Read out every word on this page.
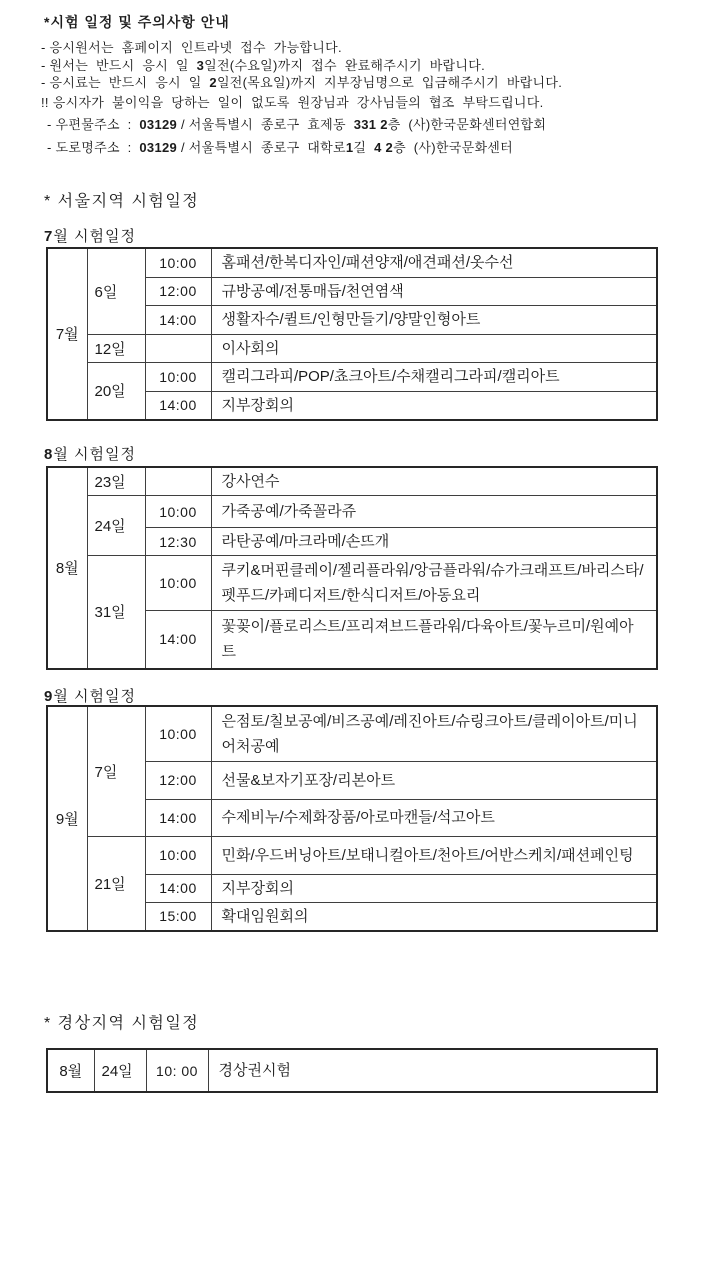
*시험 일정 및 주의사항 안내
- 응시원서는  홈페이지  인트라넷  접수  가능합니다.
- 원서는  반드시  응시  일  3일전(수요일)까지  접수  완료해주시기  바랍니다.
- 응시료는  반드시  응시  일  2일전(목요일)까지  지부장님명으로  입금해주시기  바랍니다.
!! 응시자가  불이익을  당하는  일이  없도록  원장님과  강사님들의  협조  부탁드립니다.
- 우편물주소  :  03129 / 서울특별시  종로구  효제동  331 2층  (사)한국문화센터연합회
- 도로명주소  :  03129 / 서울특별시  종로구  대학로1길  4 2층  (사)한국문화센터
* 서울지역 시험일정
7월 시험일정
7월	6일	10:00	홈패션/한복디자인/패션양재/애견패션/옷수선
		12:00	규방공예/전통매듭/천연염색
		14:00	생활자수/퀼트/인형만들기/양말인형아트
	12일		이사회의
	20일	10:00	캘리그라피/POP/쵸크아트/수채캘리그라피/캘리아트
		14:00	지부장회의
8월 시험일정
8월	23일		강사연수
	24일	10:00	가죽공예/가죽꼴라쥬
		12:30	라탄공예/마크라메/손뜨개
	31일	10:00	쿠키&머핀클레이/젤리플라워/앙금플라워/슈가크래프트/바리스타/펫푸드/카페디저트/한식디저트/아동요리
		14:00	꽃꽂이/플로리스트/프리져브드플라워/다육아트/꽃누르미/원예아트
9월 시험일정
9월	7일	10:00	은점토/칠보공예/비즈공예/레진아트/슈링크아트/클레이아트/미니어처공예
		12:00	선물&보자기포장/리본아트
		14:00	수제비누/수제화장품/아로마캔들/석고아트
	21일	10:00	민화/우드버닝아트/보태니컬아트/천아트/어반스케치/패션페인팅
		14:00	지부장회의
		15:00	확대임원회의
* 경상지역 시험일정
8월	24일	10: 00	경상권시험
